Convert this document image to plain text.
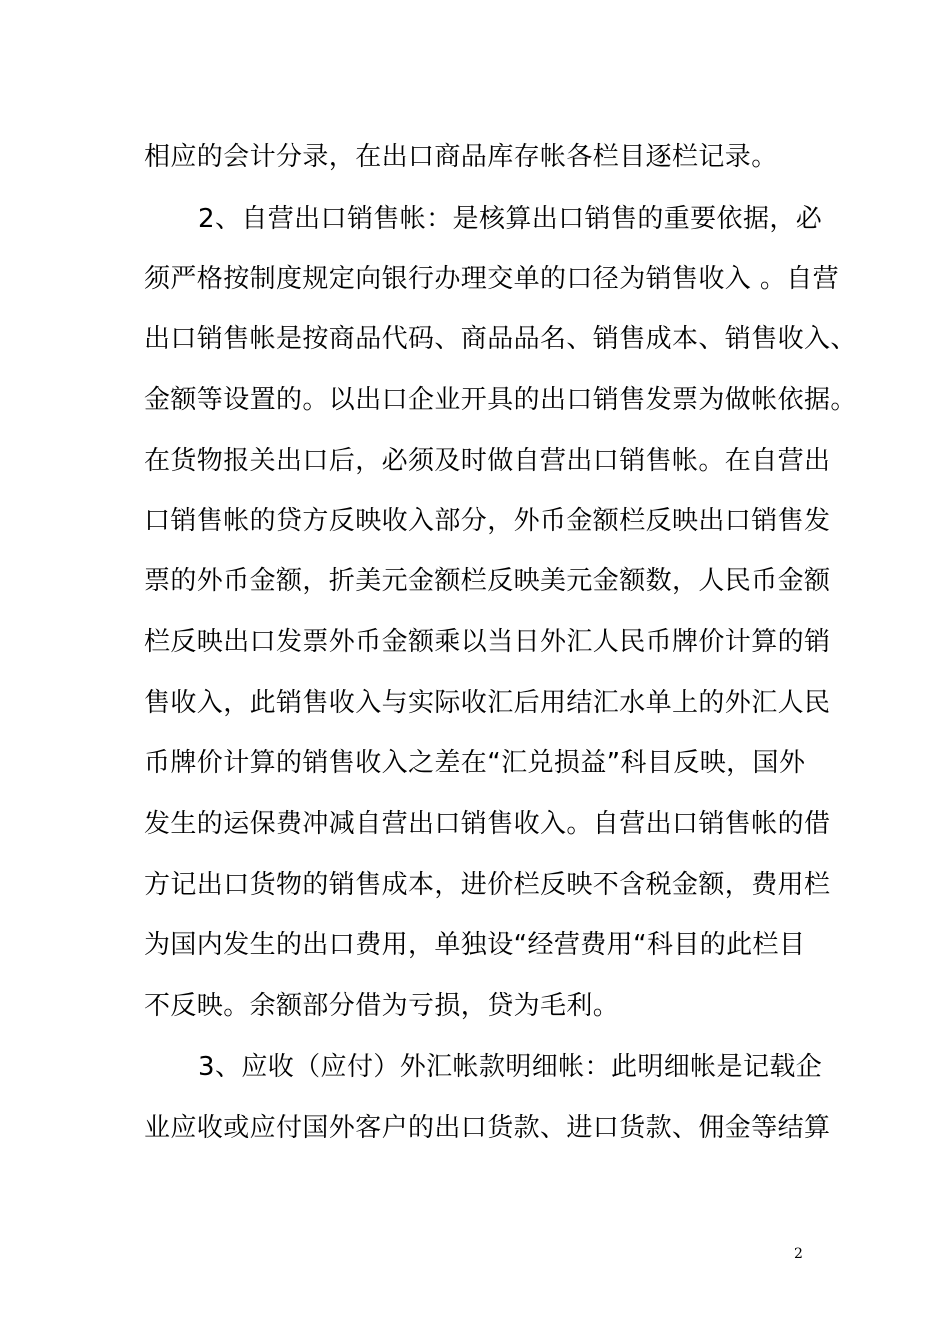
相应的会计分录，在出口商品库存帐各栏目逐栏记录。
2、自营出口销售帐：是核算出口销售的重要依据，必
须严格按制度规定向银行办理交单的口径为销售收入 。自营
出口销售帐是按商品代码、商品品名、销售成本、销售收入、
金额等设置的。以出口企业开具的出口销售发票为做帐依据。
在货物报关出口后，必须及时做自营出口销售帐。在自营出
口销售帐的贷方反映收入部分，外币金额栏反映出口销售发
票的外币金额，折美元金额栏反映美元金额数，人民币金额
栏反映出口发票外币金额乘以当日外汇人民币牌价计算的销
售收入，此销售收入与实际收汇后用结汇水单上的外汇人民
币牌价计算的销售收入之差在“汇兑损益”科目反映，国外
发生的运保费冲减自营出口销售收入。自营出口销售帐的借
方记出口货物的销售成本，进价栏反映不含税金额，费用栏
为国内发生的出口费用，单独设“经营费用“科目的此栏目
不反映。余额部分借为亏损，贷为毛利。
3、应收（应付）外汇帐款明细帐：此明细帐是记载企
业应收或应付国外客户的出口货款、进口货款、佣金等结算
2
